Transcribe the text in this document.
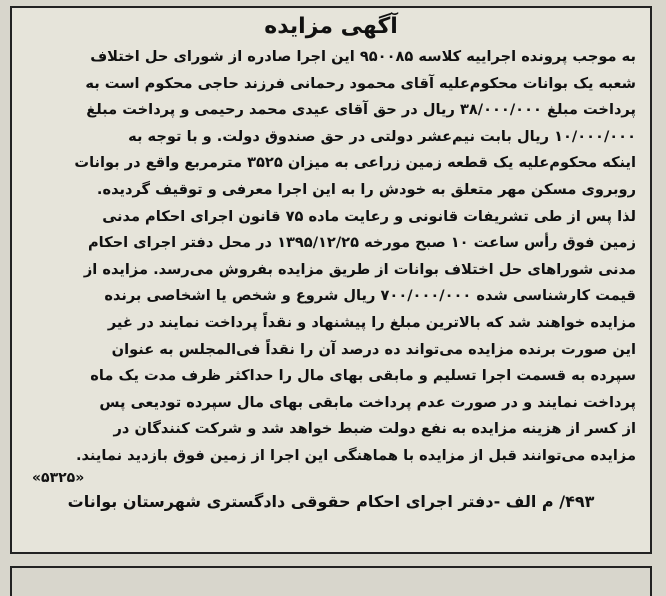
آگهی مزایده
به موجب پرونده اجراییه کلاسه ۹۵۰۰۸۵ این اجرا صادره از شورای حل اختلاف
شعبه یک بوانات محکوم‌علیه آقای محمود رحمانی فرزند حاجی محکوم است به
پرداخت مبلغ ۳۸/۰۰۰/۰۰۰ ریال در حق آقای عیدی محمد رحیمی و پرداخت مبلغ
۱۰/۰۰۰/۰۰۰ ریال بابت نیم‌عشر دولتی در حق صندوق دولت. و با توجه به
اینکه محکوم‌علیه یک قطعه زمین زراعی به میزان ۳۵۲۵ مترمربع واقع در بوانات
روبروی مسکن مهر متعلق به خودش را به این اجرا معرفی و توقیف گردیده.
لذا پس از طی تشریفات قانونی و رعایت ماده ۷۵ قانون اجرای احکام مدنی
زمین فوق رأس ساعت ۱۰ صبح مورخه ۱۳۹۵/۱۲/۲۵ در محل دفتر اجرای احکام
مدنی شوراهای حل اختلاف بوانات از طریق مزایده بفروش می‌رسد. مزایده از
قیمت کارشناسی شده ۷۰۰/۰۰۰/۰۰۰ ریال شروع و شخص یا اشخاصی برنده
مزایده خواهند شد که بالاترین مبلغ را پیشنهاد و نقداً پرداخت نمایند در غیر
این صورت برنده مزایده می‌تواند ده درصد آن را نقداً فی‌المجلس به عنوان
سپرده به قسمت اجرا تسلیم و مابقی بهای مال را حداکثر ظرف مدت یک ماه
پرداخت نمایند و در صورت عدم پرداخت مابقی بهای مال سپرده تودیعی پس
از کسر از هزینه مزایده به نفع دولت ضبط خواهد شد و شرکت کنندگان در
مزایده می‌توانند قبل از مزایده با هماهنگی این اجرا از زمین فوق بازدید نمایند.
«۵۳۲۵»
۴۹۳/ م الف -دفتر اجرای احکام حقوقی دادگستری شهرستان بوانات
